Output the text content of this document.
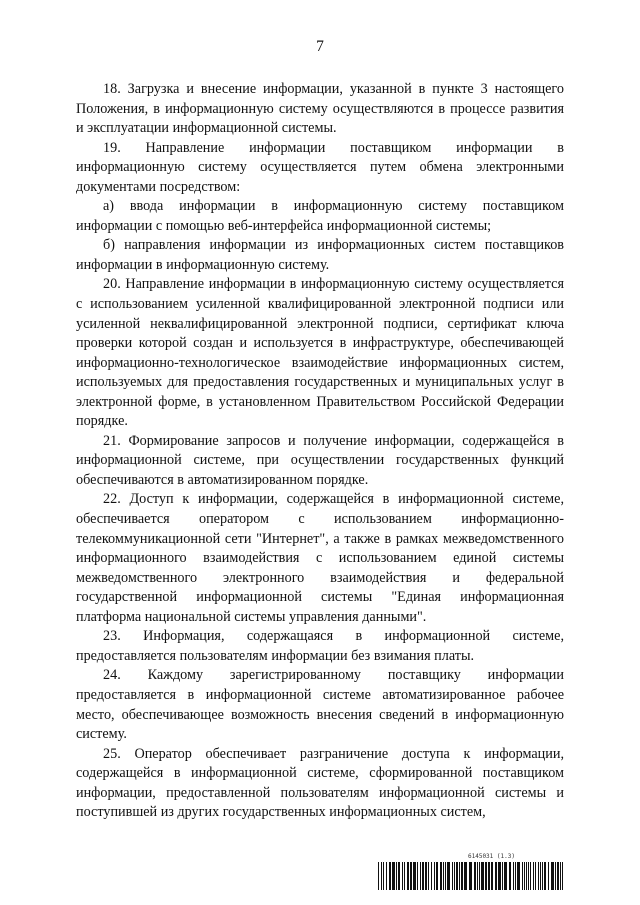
7

18. Загрузка и внесение информации, указанной в пункте 3 настоящего Положения, в информационную систему осуществляются в процессе развития и эксплуатации информационной системы.

19. Направление информации поставщиком информации в информационную систему осуществляется путем обмена электронными документами посредством:

а) ввода информации в информационную систему поставщиком информации с помощью веб-интерфейса информационной системы;

б) направления информации из информационных систем поставщиков информации в информационную систему.

20. Направление информации в информационную систему осуществляется с использованием усиленной квалифицированной электронной подписи или усиленной неквалифицированной электронной подписи, сертификат ключа проверки которой создан и используется в инфраструктуре, обеспечивающей информационно-технологическое взаимодействие информационных систем, используемых для предоставления государственных и муниципальных услуг в электронной форме, в установленном Правительством Российской Федерации порядке.

21. Формирование запросов и получение информации, содержащейся в информационной системе, при осуществлении государственных функций обеспечиваются в автоматизированном порядке.

22. Доступ к информации, содержащейся в информационной системе, обеспечивается оператором с использованием информационно-телекоммуникационной сети "Интернет", а также в рамках межведомственного информационного взаимодействия с использованием единой системы межведомственного электронного взаимодействия и федеральной государственной информационной системы "Единая информационная платформа национальной системы управления данными".

23. Информация, содержащаяся в информационной системе, предоставляется пользователям информации без взимания платы.

24. Каждому зарегистрированному поставщику информации предоставляется в информационной системе автоматизированное рабочее место, обеспечивающее возможность внесения сведений в информационную систему.

25. Оператор обеспечивает разграничение доступа к информации, содержащейся в информационной системе, сформированной поставщиком информации, предоставленной пользователям информационной системы и поступившей из других государственных информационных систем,

6145031 (1.3)
